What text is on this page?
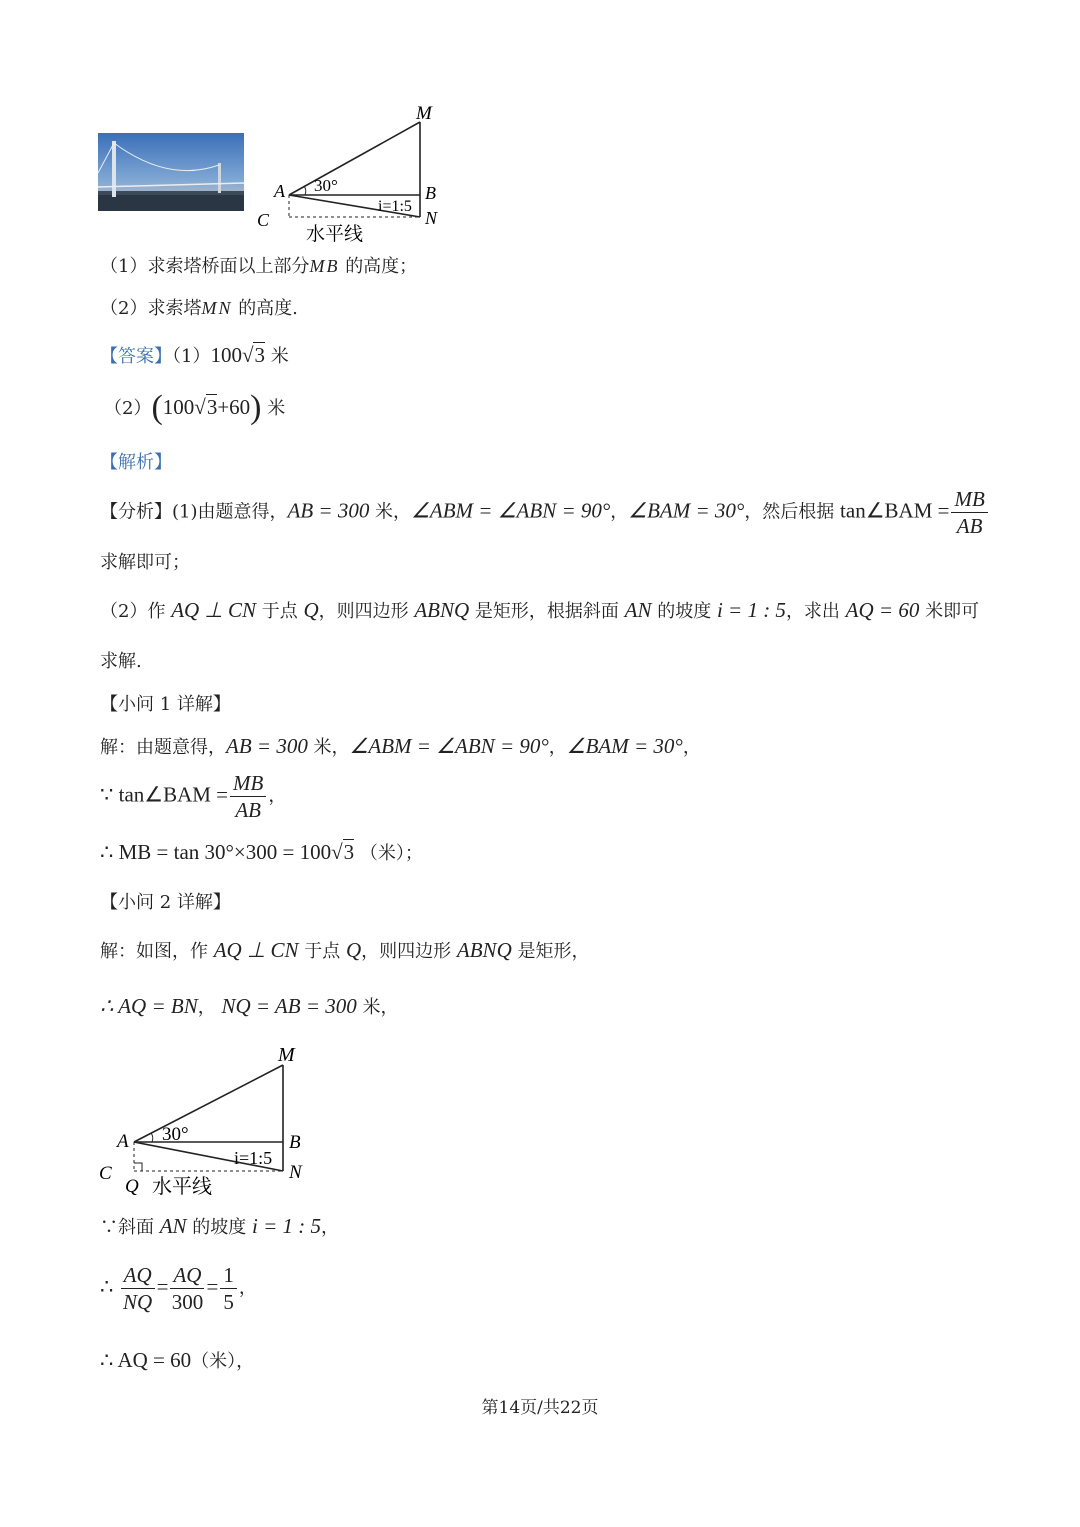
M
A	B
C	N
30°
i=1:5
水平线
（1）求索塔桥面以上部分MB 的高度；
（2）求索塔MN 的高度.
【答案】（1）100√3 米
（2）(100√3+60) 米
【解析】
【分析】(1)由题意得，AB = 300 米，∠ABM = ∠ABN = 90°，∠BAM = 30°，然后根据 tan∠BAM = $\frac{MB}{AB}$
求解即可；
（2）作 AQ ⊥ CN 于点 Q，则四边形 ABNQ 是矩形，根据斜面 AN 的坡度 i = 1 : 5，求出 AQ = 60 米即可
求解.
【小问 1 详解】
解：由题意得，AB = 300 米，∠ABM = ∠ABN = 90°，∠BAM = 30°，
∵ tan∠BAM = $\frac{MB}{AB}$ ，
∴ MB = tan 30°×300 = 100√3 （米）；
【小问 2 详解】
解：如图，作 AQ ⊥ CN 于点 Q，则四边形 ABNQ 是矩形，
∴ AQ = BN， NQ = AB = 300 米，
M
A	B
C	N
Q
30°
i=1:5
水平线
∵斜面 AN 的坡度 i = 1 : 5，
∴ $\frac{AQ}{NQ} = \frac{AQ}{300} = \frac{1}{5}$ ，
∴ AQ = 60（米），
第14页/共22页
